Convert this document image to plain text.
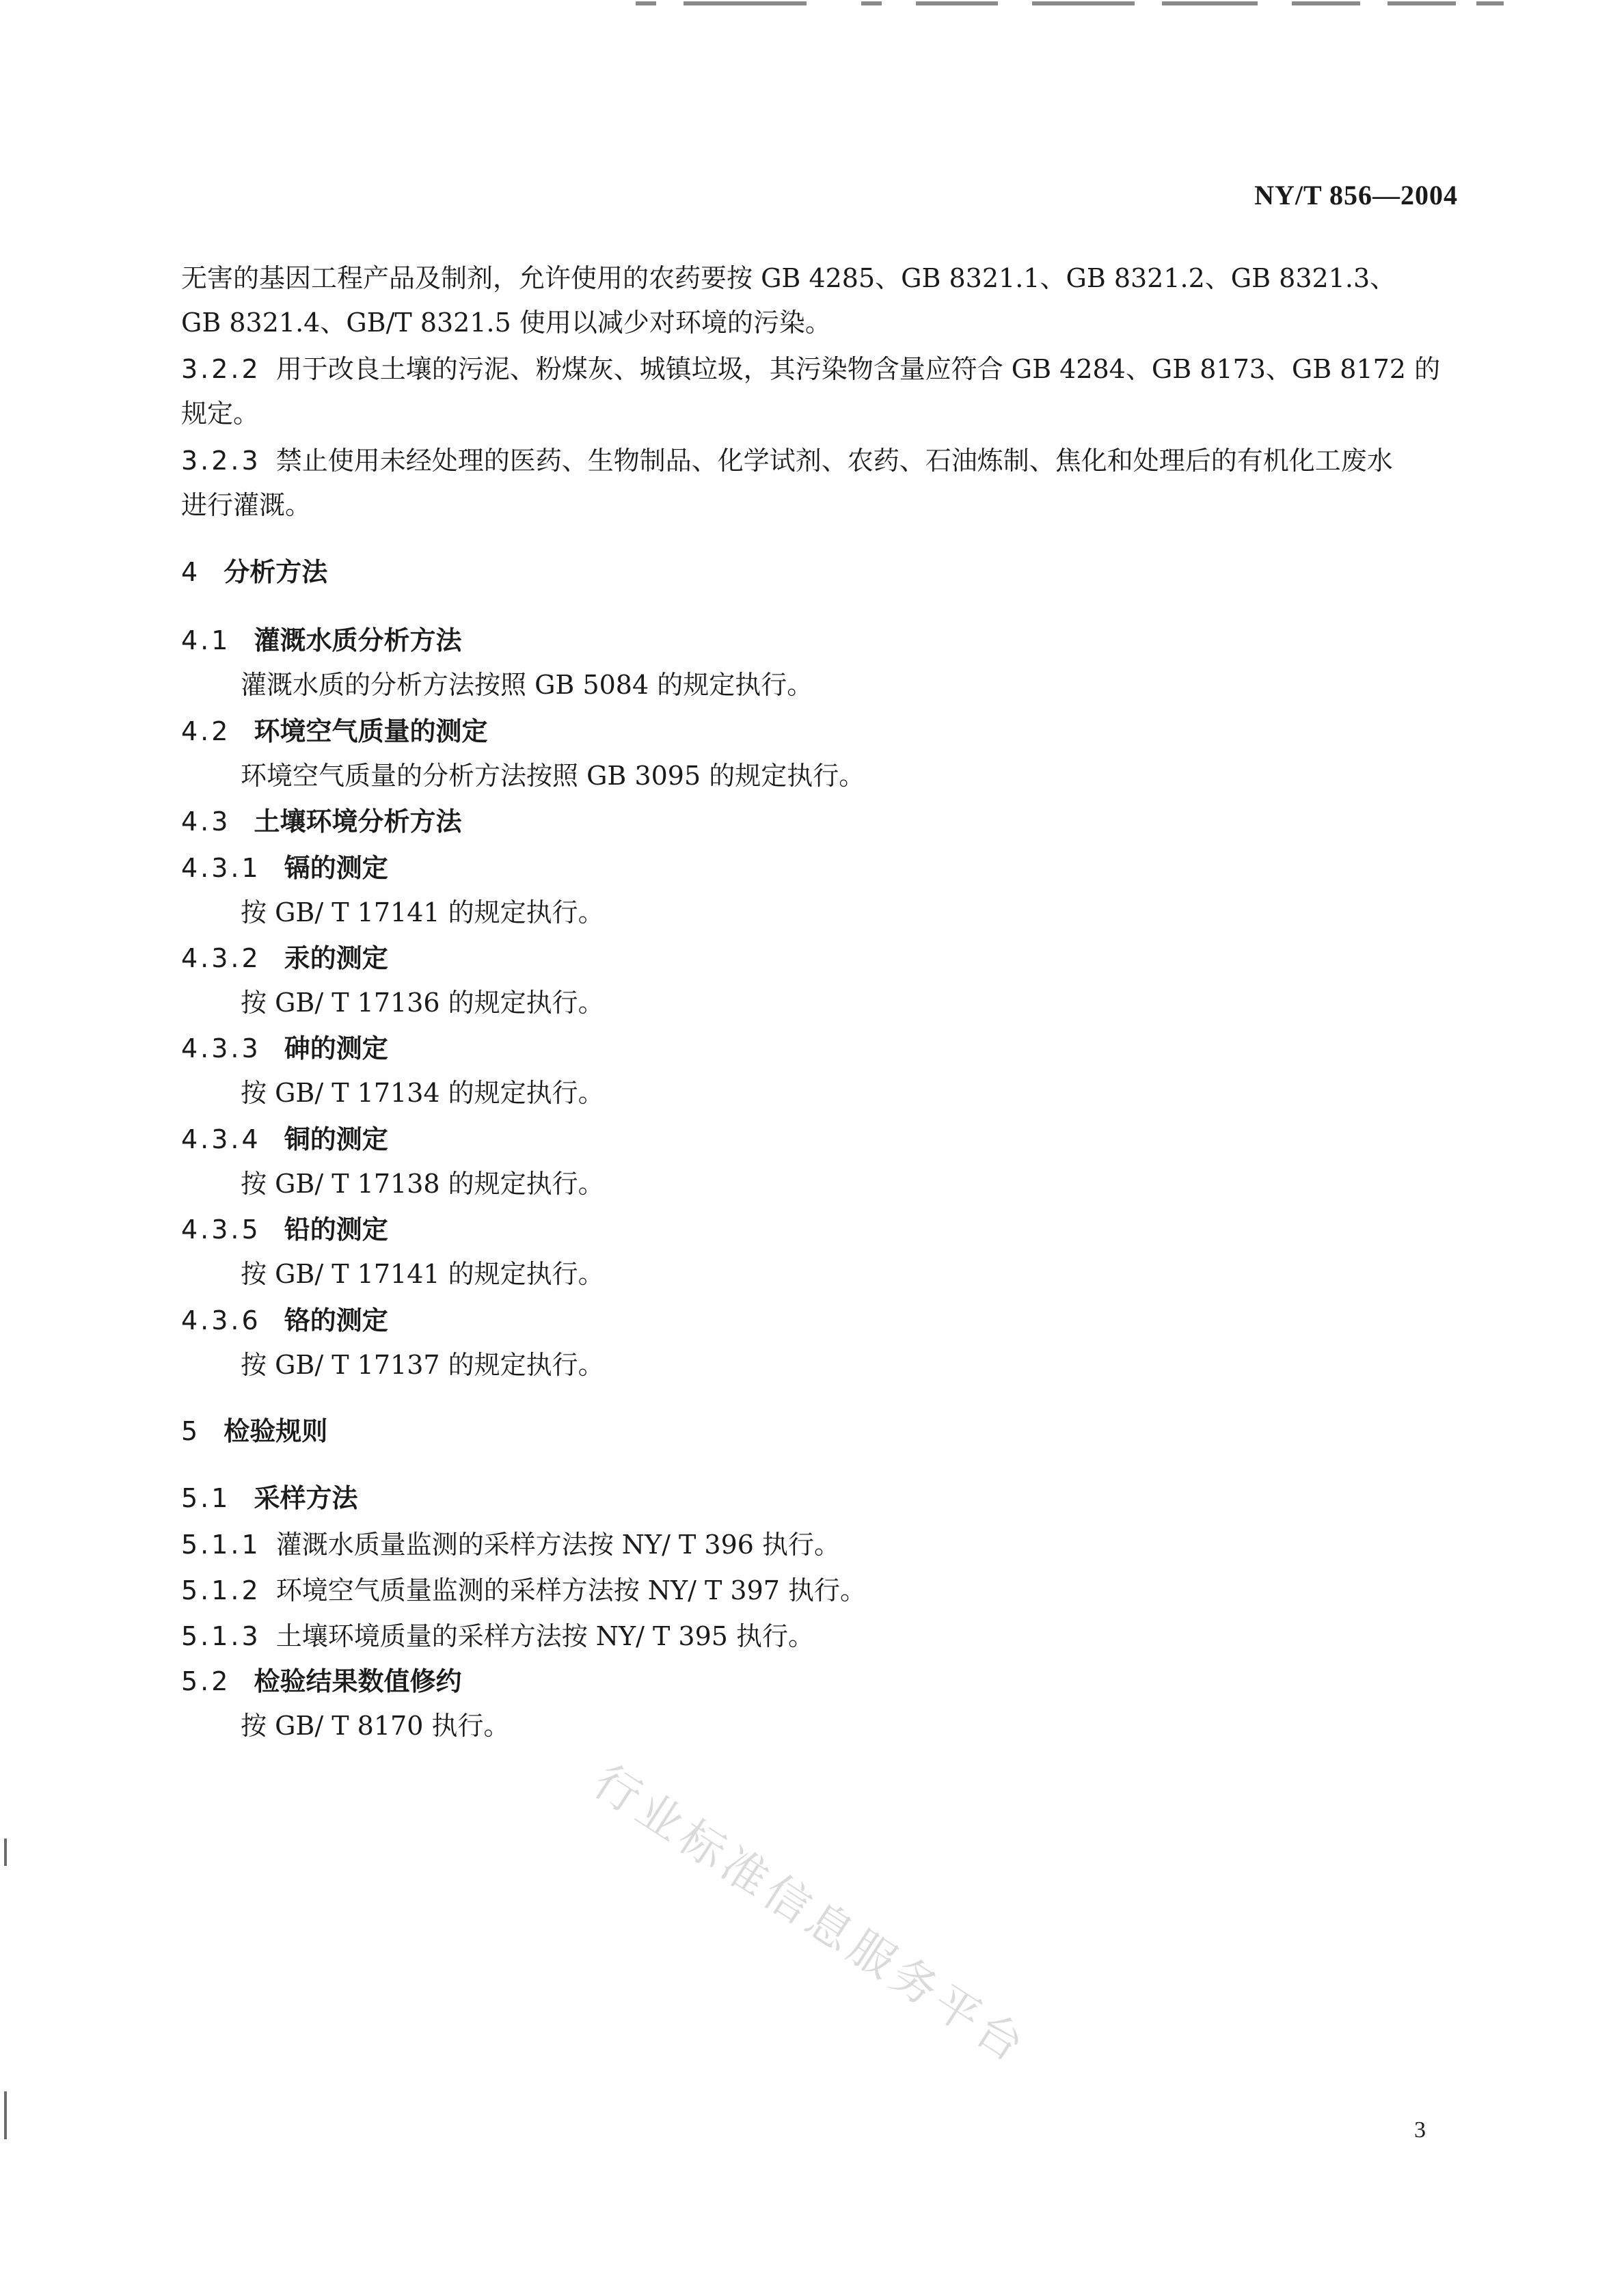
NY/T 856—2004
无害的基因工程产品及制剂，允许使用的农药要按 GB 4285、GB 8321.1、GB 8321.2、GB 8321.3、
GB 8321.4、GB/T 8321.5 使用以减少对环境的污染。
3.2.2 用于改良土壤的污泥、粉煤灰、城镇垃圾，其污染物含量应符合 GB 4284、GB 8173、GB 8172 的
规定。
3.2.3 禁止使用未经处理的医药、生物制品、化学试剂、农药、石油炼制、焦化和处理后的有机化工废水
进行灌溉。
4 分析方法
4.1 灌溉水质分析方法
灌溉水质的分析方法按照 GB 5084 的规定执行。
4.2 环境空气质量的测定
环境空气质量的分析方法按照 GB 3095 的规定执行。
4.3 土壤环境分析方法
4.3.1 镉的测定
按 GB/ T 17141 的规定执行。
4.3.2 汞的测定
按 GB/ T 17136 的规定执行。
4.3.3 砷的测定
按 GB/ T 17134 的规定执行。
4.3.4 铜的测定
按 GB/ T 17138 的规定执行。
4.3.5 铅的测定
按 GB/ T 17141 的规定执行。
4.3.6 铬的测定
按 GB/ T 17137 的规定执行。
5 检验规则
5.1 采样方法
5.1.1 灌溉水质量监测的采样方法按 NY/ T 396 执行。
5.1.2 环境空气质量监测的采样方法按 NY/ T 397 执行。
5.1.3 土壤环境质量的采样方法按 NY/ T 395 执行。
5.2 检验结果数值修约
按 GB/ T 8170 执行。
行业标准信息服务平台
3
